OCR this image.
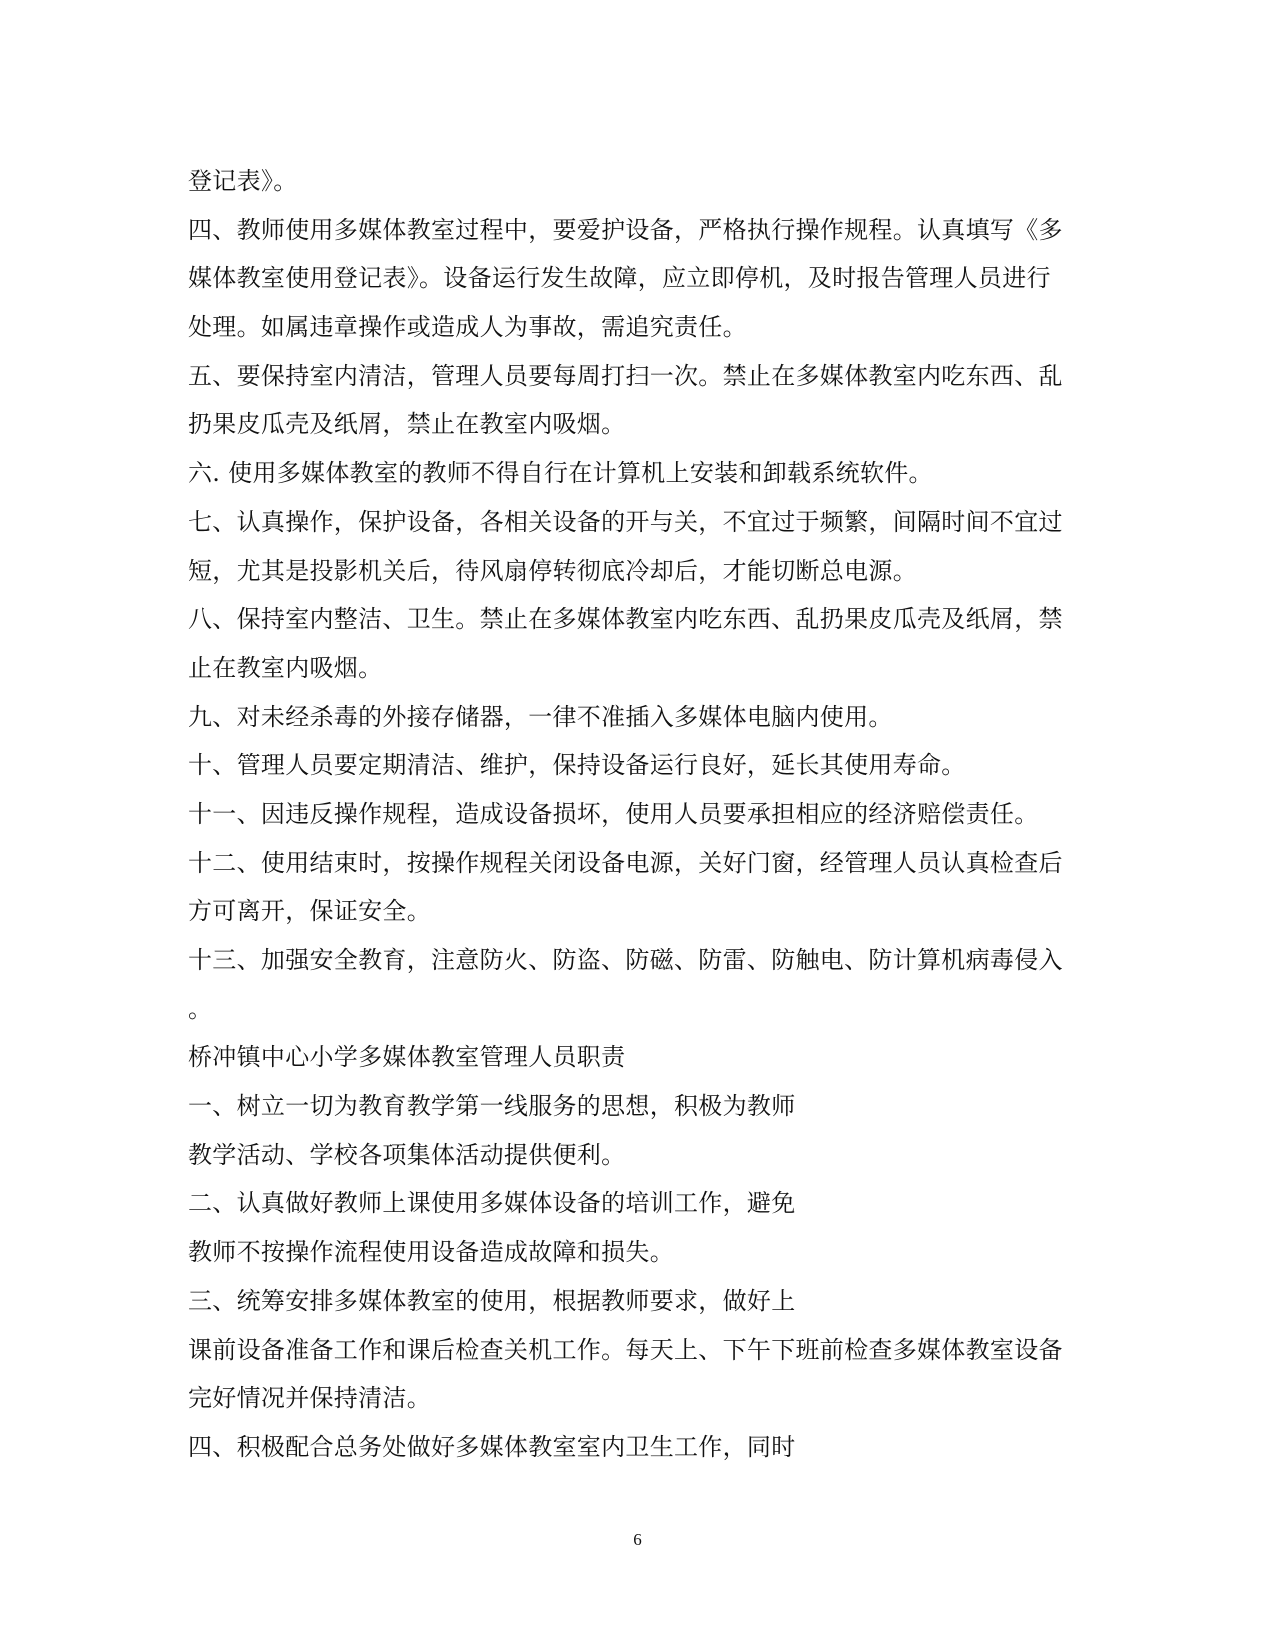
登记表》。
四、教师使用多媒体教室过程中，要爱护设备，严格执行操作规程。认真填写《多
媒体教室使用登记表》。设备运行发生故障，应立即停机，及时报告管理人员进行
处理。如属违章操作或造成人为事故，需追究责任。
五、要保持室内清洁，管理人员要每周打扫一次。禁止在多媒体教室内吃东西、乱
扔果皮瓜壳及纸屑，禁止在教室内吸烟。
六. 使用多媒体教室的教师不得自行在计算机上安装和卸载系统软件。
七、认真操作，保护设备，各相关设备的开与关，不宜过于频繁，间隔时间不宜过
短，尤其是投影机关后，待风扇停转彻底冷却后，才能切断总电源。
八、保持室内整洁、卫生。禁止在多媒体教室内吃东西、乱扔果皮瓜壳及纸屑，禁
止在教室内吸烟。
九、对未经杀毒的外接存储器，一律不准插入多媒体电脑内使用。
十、管理人员要定期清洁、维护，保持设备运行良好，延长其使用寿命。
十一、因违反操作规程，造成设备损坏，使用人员要承担相应的经济赔偿责任。
十二、使用结束时，按操作规程关闭设备电源，关好门窗，经管理人员认真检查后
方可离开，保证安全。
十三、加强安全教育，注意防火、防盗、防磁、防雷、防触电、防计算机病毒侵入
。
桥冲镇中心小学多媒体教室管理人员职责
一、树立一切为教育教学第一线服务的思想，积极为教师
教学活动、学校各项集体活动提供便利。
二、认真做好教师上课使用多媒体设备的培训工作，避免
教师不按操作流程使用设备造成故障和损失。
三、统筹安排多媒体教室的使用，根据教师要求，做好上
课前设备准备工作和课后检查关机工作。每天上、下午下班前检查多媒体教室设备
完好情况并保持清洁。
四、积极配合总务处做好多媒体教室室内卫生工作，同时
6
